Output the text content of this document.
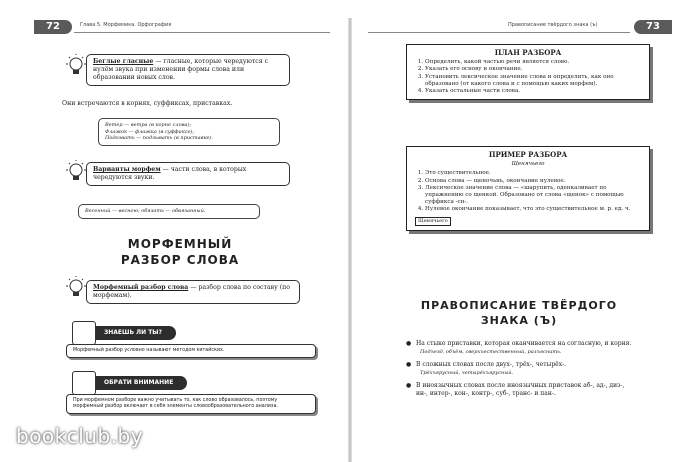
72	Глава 5. Морфемика. Орфография
Беглые гласные — гласные, которые чередуются с нулём звука при изменении формы слова или образовании новых слов.
Они встречаются в корнях, суффиксах, приставках.
Ветер — ветра (в корне слова);
Флажок — флажка (в суффиксе);
Подозвать — подзывать (в приставке).
Варианты морфем — части слова, в которых чередуются звуки.
Весенний — весною; обязать — обвязанный.
МОРФЕМНЫЙ
РАЗБОР СЛОВА
Морфемный разбор слова — разбор слова по составу (по морфемам).
ЗНАЕШЬ ЛИ ТЫ?
Морфемный разбор условно называют методом китайских.
ОБРАТИ ВНИМАНИЕ
При морфемном разборе важно учитывать то, как слово образовалось, поэтому морфемный разбор включает в себя элементы словообразовательного анализа.
Правописание твёрдого знака (ъ)	73
ПЛАН РАЗБОРА
1. Определить, какой частью речи является слово.
2. Указать его основу и окончание.
3. Установить лексическое значение слова и определить, как оно образовано (от какого слова и с помощью каких морфем).
4. Указать остальные части слова.
ПРИМЕР РАЗБОРА
Щенячьего
1. Это существительное.
2. Основа слова — щеночьнь, окончание нулевое.
3. Лексическое значение слова — «шарупить, оденкаливает по упражнению со щенкой. Образовано от слова «щенок» с помощью суффикса -сн-.
4. Нулевое окончание показывает, что это существительное м. р. ед. ч.
Щенячьего
ПРАВОПИСАНИЕ ТВЁРДОГО
ЗНАКА (Ъ)
● На стыке приставки, которая оканчивается на согласную, и корня.
Подъезд, объём, сверхъестественный, разъяснить.
● В сложных словах после двух-, трёх-, четырёх-.
Трёхъярусный, четырёхъярусный.
● В иноязычных словах после иноязычных приставок аб-, ад-, диз-, ин-, интер-, кон-, контр-, суб-, транс- и пан-.
bookclub.by
